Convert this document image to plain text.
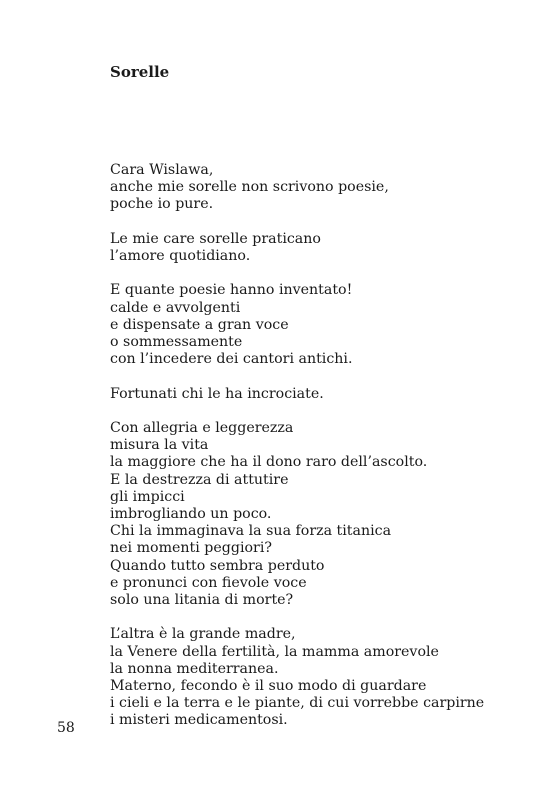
Sorelle
Cara Wislawa,
anche mie sorelle non scrivono poesie,
poche io pure.
Le mie care sorelle praticano
l’amore quotidiano.
E quante poesie hanno inventato!
calde e avvolgenti
e dispensate a gran voce
o sommessamente
con l’incedere dei cantori antichi.
Fortunati chi le ha incrociate.
Con allegria e leggerezza
misura la vita
la maggiore che ha il dono raro dell’ascolto.
E la destrezza di attutire
gli impicci
imbrogliando un poco.
Chi la immaginava la sua forza titanica
nei momenti peggiori?
Quando tutto sembra perduto
e pronunci con fievole voce
solo una litania di morte?
L’altra è la grande madre,
la Venere della fertilità, la mamma amorevole
la nonna mediterranea.
Materno, fecondo è il suo modo di guardare
i cieli e la terra e le piante, di cui vorrebbe carpirne
i misteri medicamentosi.
58
